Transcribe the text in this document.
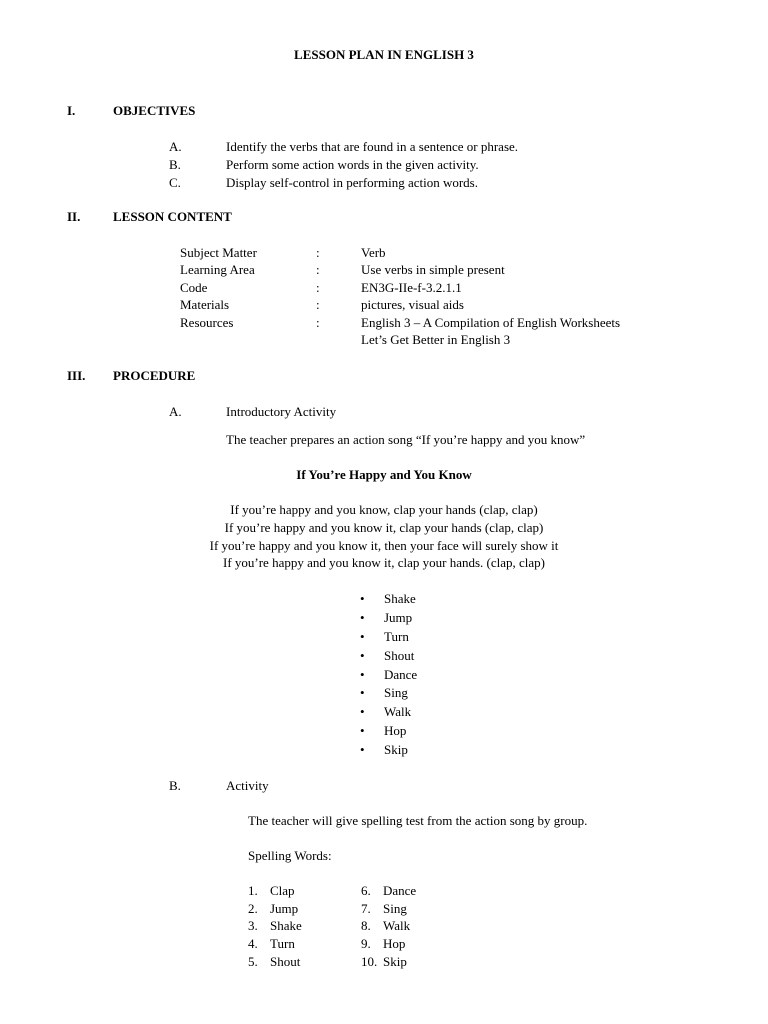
LESSON PLAN IN ENGLISH 3
I.	OBJECTIVES
A.	Identify the verbs that are found in a sentence or phrase.
B.	Perform some action words in the given activity.
C.	Display self-control in performing action words.
II.	LESSON CONTENT
Subject Matter	:	Verb
Learning Area	:	Use verbs in simple present
Code	:	EN3G-IIe-f-3.2.1.1
Materials	:	pictures, visual aids
Resources	:	English 3 – A Compilation of English Worksheets
Let’s Get Better in English 3
III. PROCEDURE
A.	Introductory Activity
The teacher prepares an action song “If you’re happy and you know”
If You’re Happy and You Know
If you’re happy and you know, clap your hands (clap, clap)
If you’re happy and you know it, clap your hands (clap, clap)
If you’re happy and you know it, then your face will surely show it
If you’re happy and you know it, clap your hands. (clap, clap)
• Shake
• Jump
• Turn
• Shout
• Dance
• Sing
• Walk
• Hop
• Skip
B.	Activity
The teacher will give spelling test from the action song by group.
Spelling Words:
1. Clap
2. Jump
3. Shake
4. Turn
5. Shout
6. Dance
7. Sing
8. Walk
9. Hop
10. Skip
